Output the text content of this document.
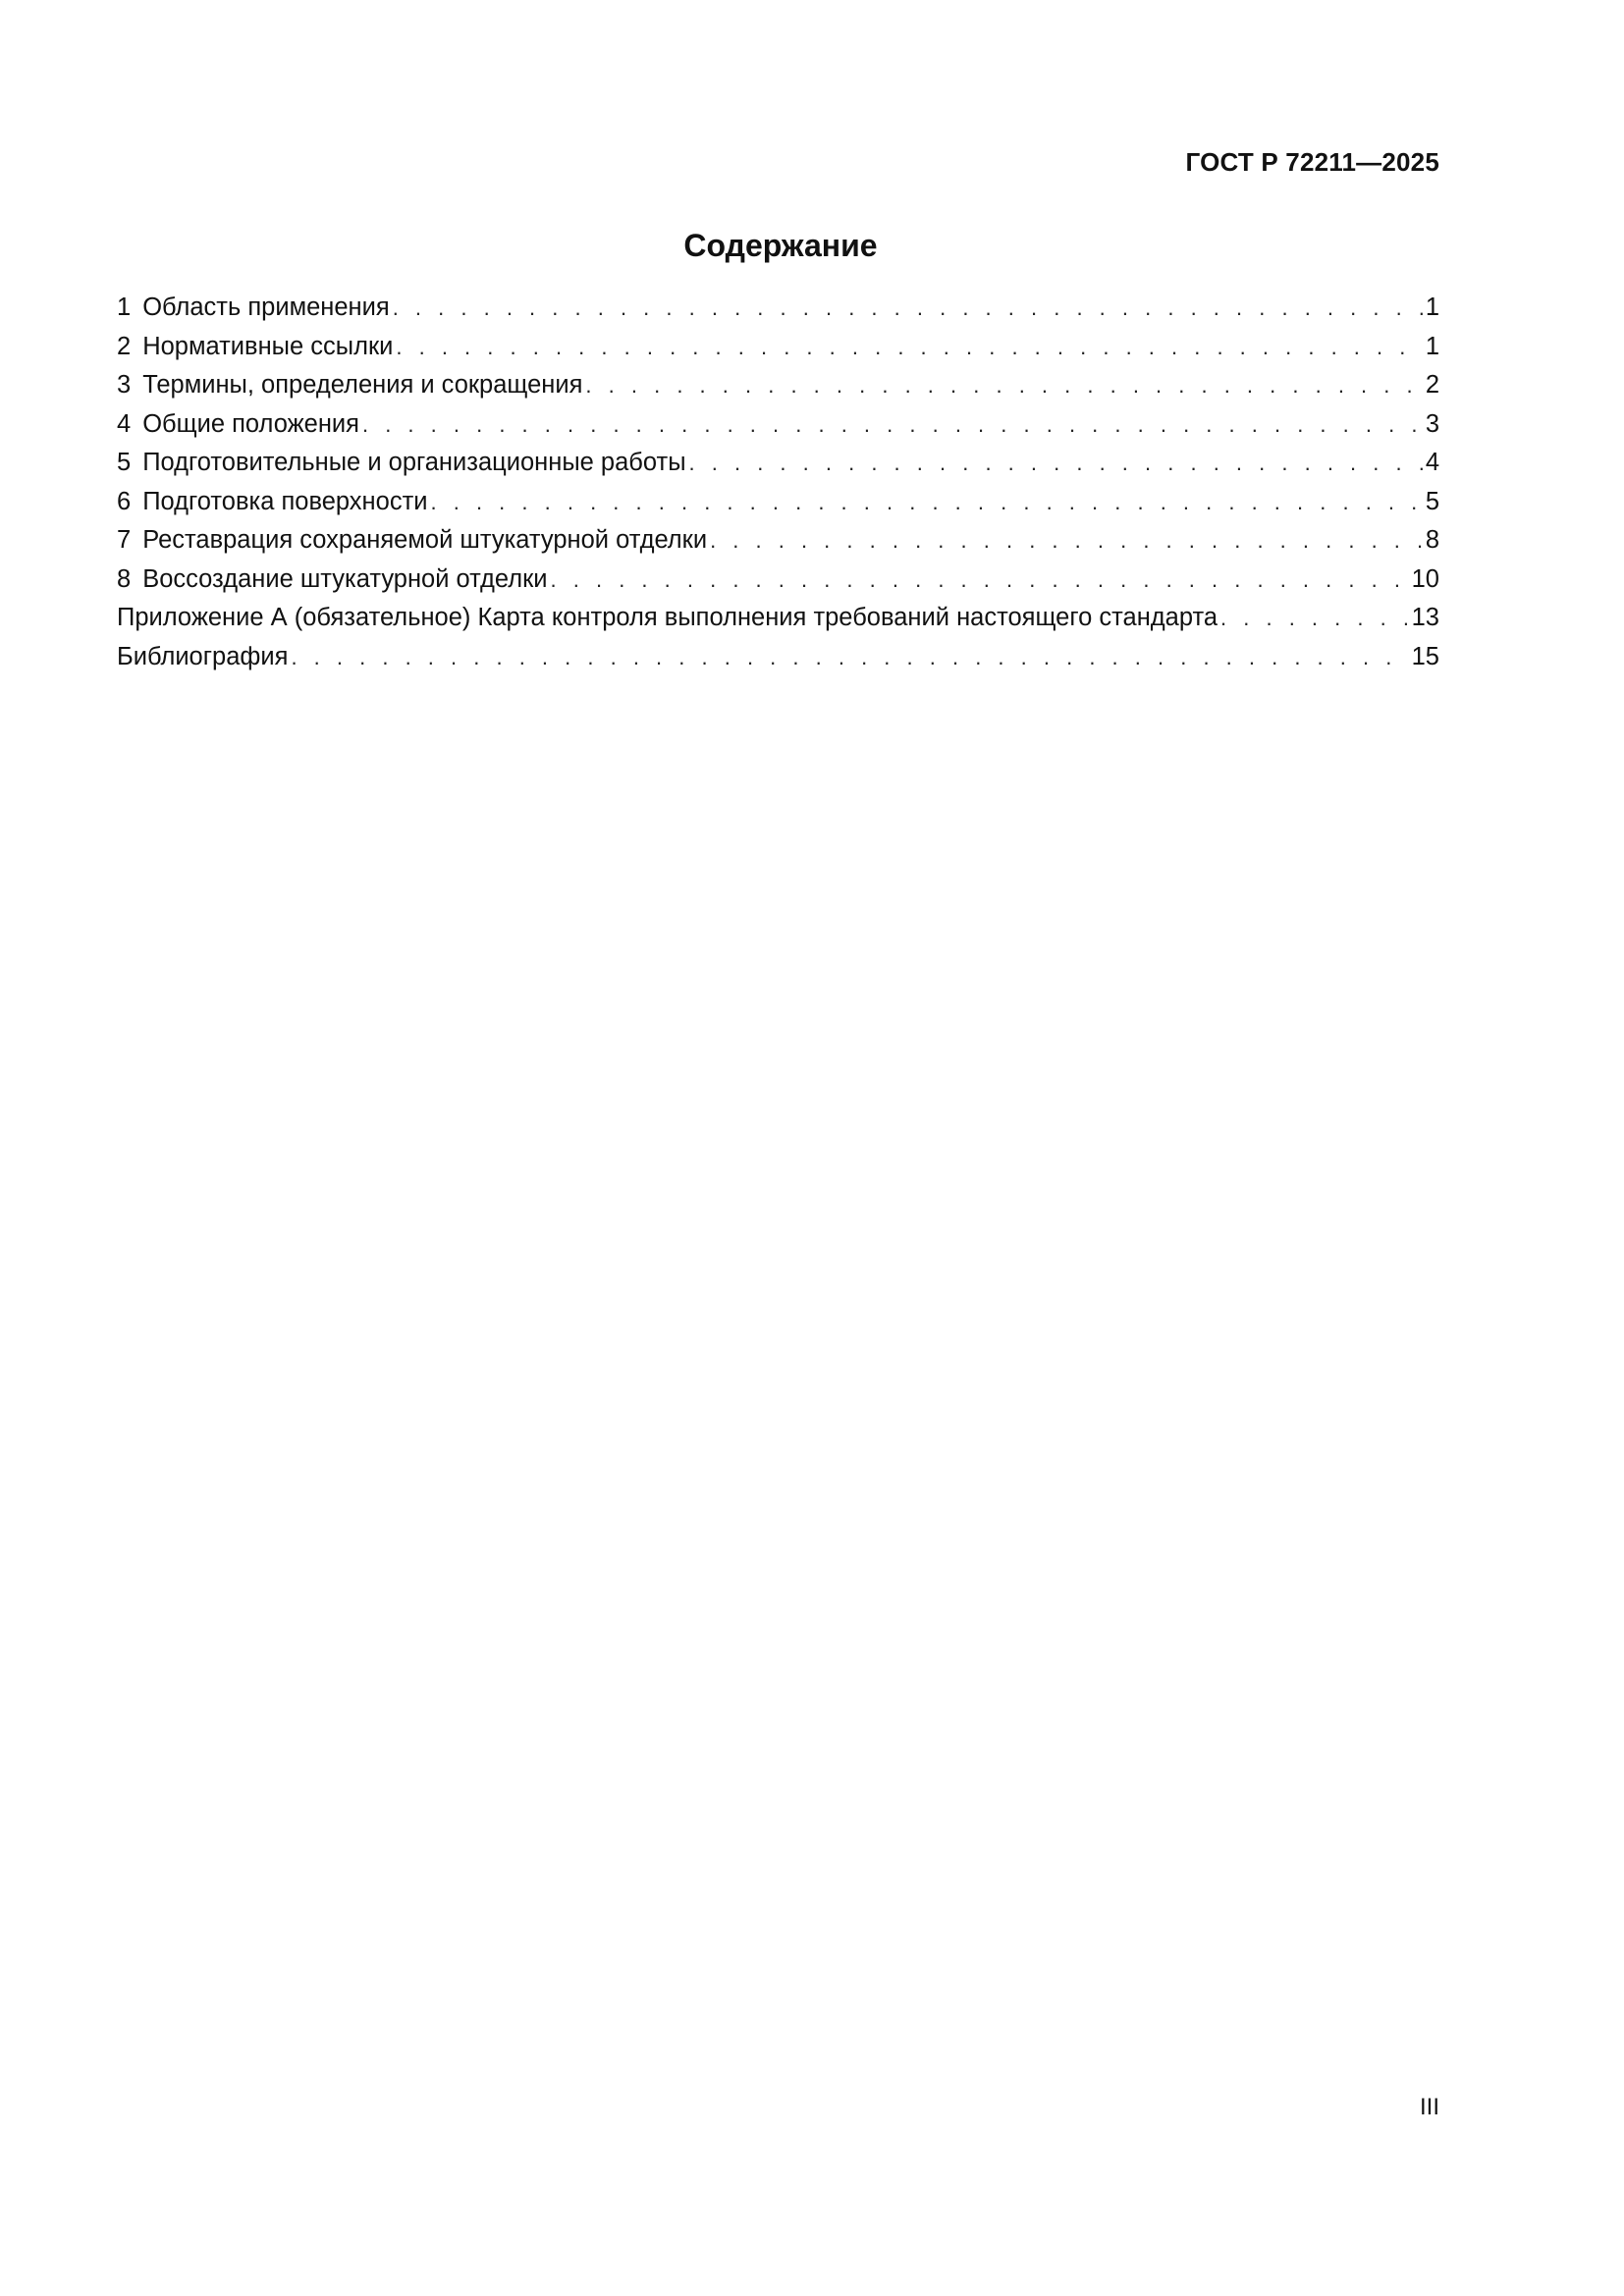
ГОСТ Р 72211—2025
Содержание
1 Область применения . . .	1
2 Нормативные ссылки . . .	1
3 Термины, определения и сокращения . . .	2
4 Общие положения . . .	3
5 Подготовительные и организационные работы . . .	4
6 Подготовка поверхности . . .	5
7 Реставрация сохраняемой штукатурной отделки . . .	8
8 Воссоздание штукатурной отделки . . .	10
Приложение А (обязательное) Карта контроля выполнения требований настоящего стандарта . . .	13
Библиография . . .	15
III
